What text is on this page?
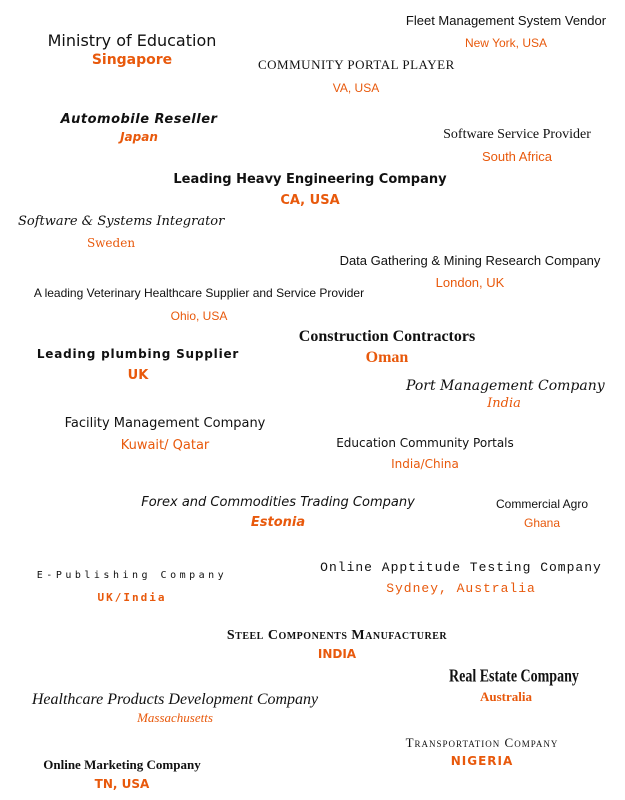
Ministry of Education
Singapore
Fleet Management System Vendor
New York, USA
COMMUNITY PORTAL PLAYER
VA, USA
Automobile Reseller
Japan	Software Service Provider
South Africa
Leading Heavy Engineering Company
CA, USA
Software & Systems Integrator
Sweden
Data Gathering & Mining Research Company
London, UK
A leading Veterinary Healthcare Supplier and Service Provider
Ohio, USA
Construction Contractors
Oman
Leading plumbing Supplier
UK
Port Management Company
India
Facility Management Company
Kuwait/ Qatar	Education Community Portals
India/China
Forex and Commodities Trading Company
Estonia
Commercial Agro
Ghana
E-Publishing Company
UK/India
Online Apptitude Testing Company
Sydney, Australia
Steel Components Manufacturer
INDIA
Real Estate Company
Australia
Healthcare Products Development Company
Massachusetts
Transportation Company
NIGERIA
Online Marketing Company
TN, USA
